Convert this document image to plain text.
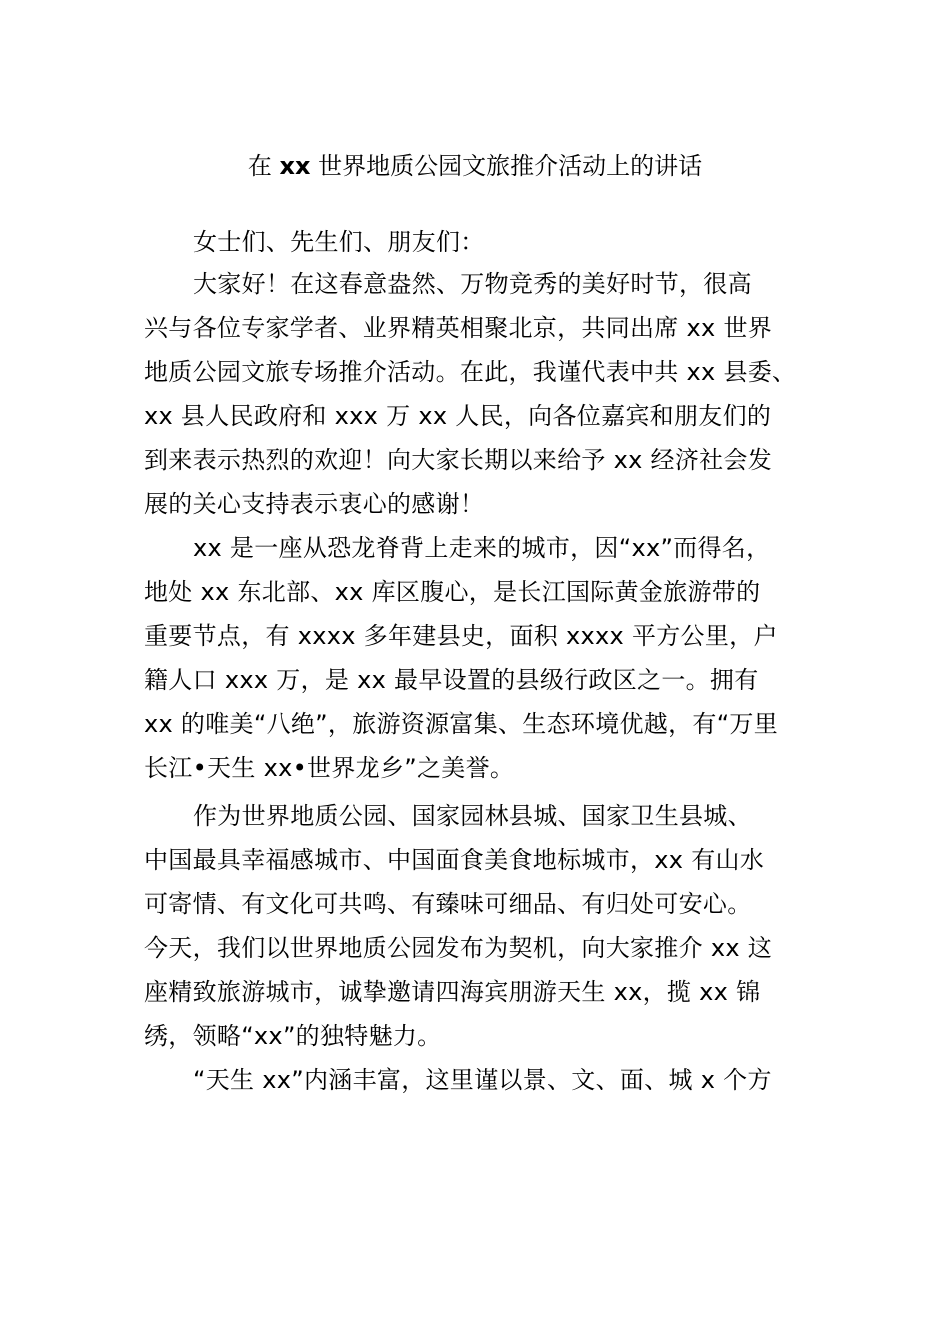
在 xx 世界地质公园文旅推介活动上的讲话
女士们、先生们、朋友们：
大家好！在这春意盎然、万物竞秀的美好时节，很高
兴与各位专家学者、业界精英相聚北京，共同出席 xx 世界
地质公园文旅专场推介活动。在此，我谨代表中共 xx 县委、
xx 县人民政府和 xxx 万 xx 人民，向各位嘉宾和朋友们的
到来表示热烈的欢迎！向大家长期以来给予 xx 经济社会发
展的关心支持表示衷心的感谢！
xx 是一座从恐龙脊背上走来的城市，因“xx”而得名，
地处 xx 东北部、xx 库区腹心，是长江国际黄金旅游带的
重要节点，有 xxxx 多年建县史，面积 xxxx 平方公里，户
籍人口 xxx 万，是 xx 最早设置的县级行政区之一。拥有
xx 的唯美“八绝”，旅游资源富集、生态环境优越，有“万里
长江•天生 xx•世界龙乡”之美誉。
作为世界地质公园、国家园林县城、国家卫生县城、
中国最具幸福感城市、中国面食美食地标城市，xx 有山水
可寄情、有文化可共鸣、有臻味可细品、有归处可安心。
今天，我们以世界地质公园发布为契机，向大家推介 xx 这
座精致旅游城市，诚挚邀请四海宾朋游天生 xx，揽 xx 锦
绣，领略“xx”的独特魅力。
“天生 xx”内涵丰富，这里谨以景、文、面、城 x 个方
